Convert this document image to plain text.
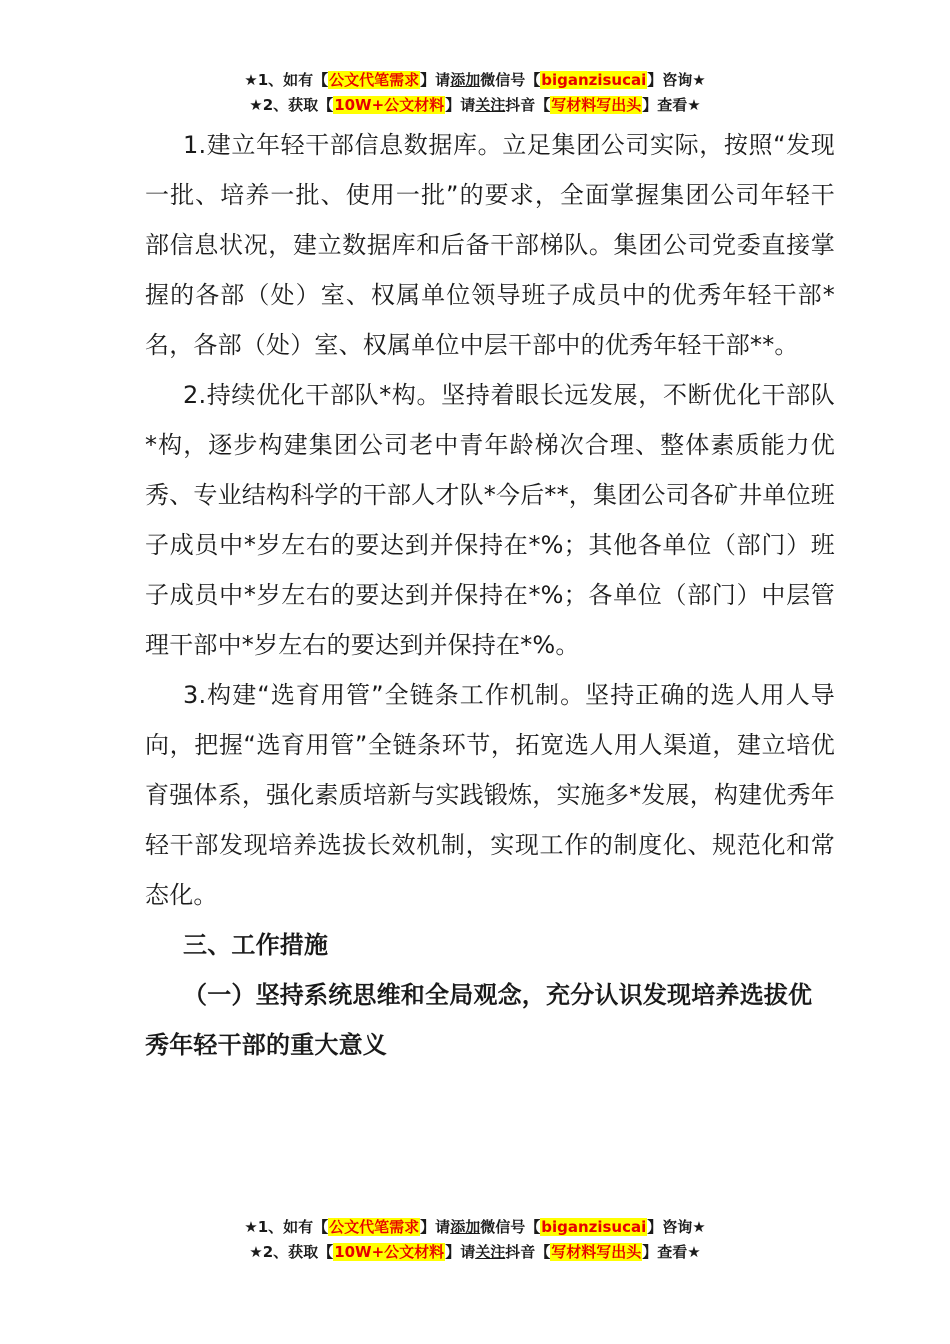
★1、如有【公文代笔需求】请添加微信号【biganzisucai】咨询★
★2、获取【10W+公文材料】请关注抖音【写材料写出头】查看★

1.建立年轻干部信息数据库。立足集团公司实际，按照“发现一批、培养一批、使用一批”的要求，全面掌握集团公司年轻干部信息状况，建立数据库和后备干部梯队。集团公司党委直接掌握的各部（处）室、权属单位领导班子成员中的优秀年轻干部*名，各部（处）室、权属单位中层干部中的优秀年轻干部**。

2.持续优化干部队*构。坚持着眼长远发展，不断优化干部队*构，逐步构建集团公司老中青年龄梯次合理、整体素质能力优秀、专业结构科学的干部人才队*今后**，集团公司各矿井单位班子成员中*岁左右的要达到并保持在*%；其他各单位（部门）班子成员中*岁左右的要达到并保持在*%；各单位（部门）中层管理干部中*岁左右的要达到并保持在*%。

3.构建“选育用管”全链条工作机制。坚持正确的选人用人导向，把握“选育用管”全链条环节，拓宽选人用人渠道，建立培优育强体系，强化素质培新与实践锻炼，实施多*发展，构建优秀年轻干部发现培养选拔长效机制，实现工作的制度化、规范化和常态化。

三、工作措施

（一）坚持系统思维和全局观念，充分认识发现培养选拔优秀年轻干部的重大意义

★1、如有【公文代笔需求】请添加微信号【biganzisucai】咨询★
★2、获取【10W+公文材料】请关注抖音【写材料写出头】查看★
